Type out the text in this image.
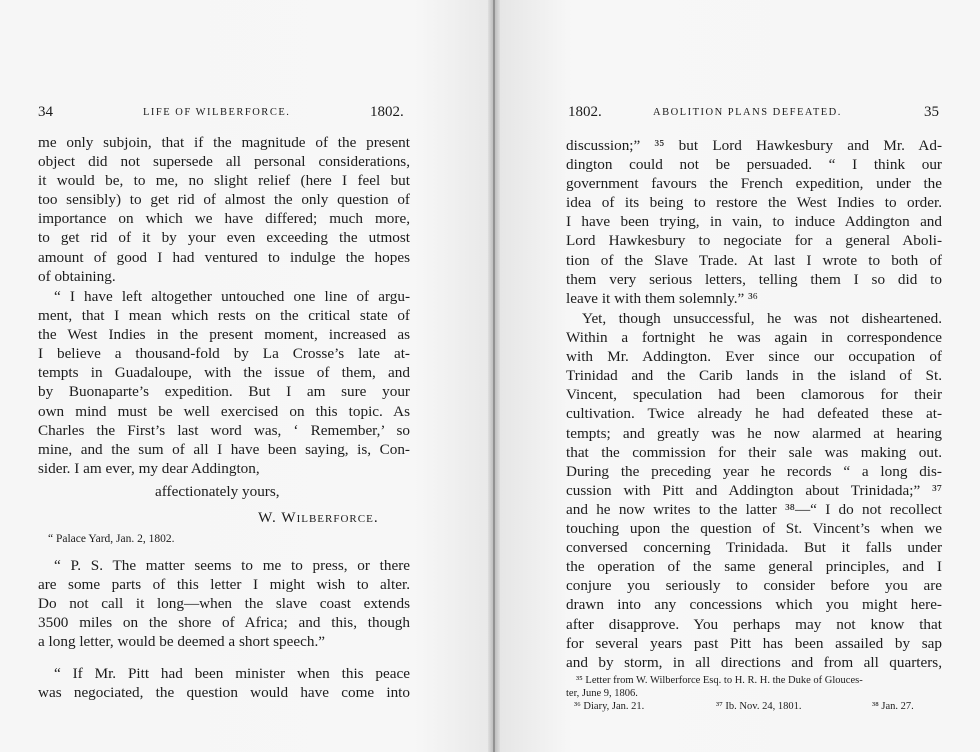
34	LIFE OF WILBERFORCE.	1802.
me only subjoin, that if the magnitude of the present
object did not supersede all personal considerations,
it would be, to me, no slight relief (here I feel but
too sensibly) to get rid of almost the only question of
importance on which we have differed; much more,
to get rid of it by your even exceeding the utmost
amount of good I had ventured to indulge the hopes
of obtaining.
“ I have left altogether untouched one line of argu-
ment, that I mean which rests on the critical state of
the West Indies in the present moment, increased as
I believe a thousand-fold by La Crosse’s late at-
tempts in Guadaloupe, with the issue of them, and
by Buonaparte’s expedition. But I am sure your
own mind must be well exercised on this topic. As
Charles the First’s last word was, ‘ Remember,’ so
mine, and the sum of all I have been saying, is, Con-
sider. I am ever, my dear Addington,
affectionately yours,
W. Wilberforce.
“ Palace Yard, Jan. 2, 1802.
“ P. S. The matter seems to me to press, or there
are some parts of this letter I might wish to alter.
Do not call it long—when the slave coast extends
3500 miles on the shore of Africa; and this, though
a long letter, would be deemed a short speech.”
“ If Mr. Pitt had been minister when this peace
was negociated, the question would have come into
1802.	ABOLITION PLANS DEFEATED.	35
discussion;” ³⁵ but Lord Hawkesbury and Mr. Ad-
dington could not be persuaded. “ I think our
government favours the French expedition, under the
idea of its being to restore the West Indies to order.
I have been trying, in vain, to induce Addington and
Lord Hawkesbury to negociate for a general Aboli-
tion of the Slave Trade. At last I wrote to both of
them very serious letters, telling them I so did to
leave it with them solemnly.” ³⁶
Yet, though unsuccessful, he was not disheartened.
Within a fortnight he was again in correspondence
with Mr. Addington. Ever since our occupation of
Trinidad and the Carib lands in the island of St.
Vincent, speculation had been clamorous for their
cultivation. Twice already he had defeated these at-
tempts; and greatly was he now alarmed at hearing
that the commission for their sale was making out.
During the preceding year he records “ a long dis-
cussion with Pitt and Addington about Trinidada;” ³⁷
and he now writes to the latter ³⁸—“ I do not recollect
touching upon the question of St. Vincent’s when we
conversed concerning Trinidada. But it falls under
the operation of the same general principles, and I
conjure you seriously to consider before you are
drawn into any concessions which you might here-
after disapprove. You perhaps may not know that
for several years past Pitt has been assailed by sap
and by storm, in all directions and from all quarters,
³⁵ Letter from W. Wilberforce Esq. to H. R. H. the Duke of Glouces-
ter, June 9, 1806.
³⁶ Diary, Jan. 21.	³⁷ Ib. Nov. 24, 1801.	³⁸ Jan. 27.
